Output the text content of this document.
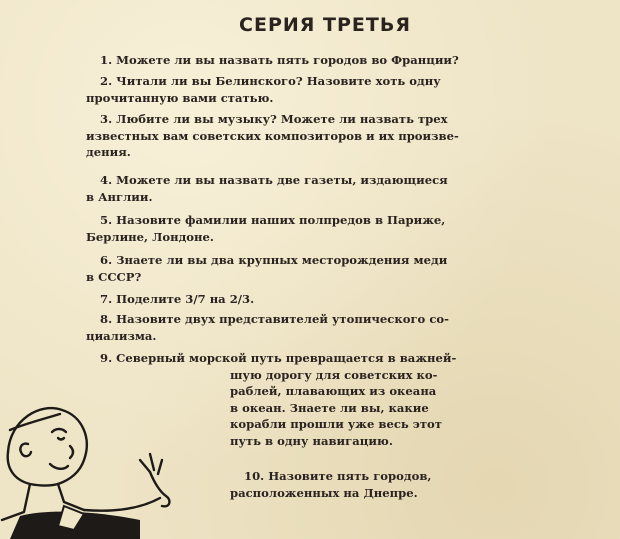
СЕРИЯ ТРЕТЬЯ

1. Можете ли вы назвать пять городов во Франции?

2. Читали ли вы Белинского? Назовите хоть одну
прочитанную вами статью.

3. Любите ли вы музыку? Можете ли назвать трех
известных вам советских композиторов и их произве-
дения.

4. Можете ли вы назвать две газеты, издающиеся
в Англии.

5. Назовите фамилии наших полпредов в Париже,
Берлине, Лондоне.

6. Знаете ли вы два крупных месторождения меди
в СССР?

7. Поделите 3/7 на 2/3.

8. Назовите двух представителей утопического со-
циализма.

9. Северный морской путь превращается в важней-
шую дорогу для советских ко-
раблей, плавающих из океана
в океан. Знаете ли вы, какие
корабли прошли уже весь этот
путь в одну навигацию.

10. Назовите пять городов,
расположенных на Днепре.
